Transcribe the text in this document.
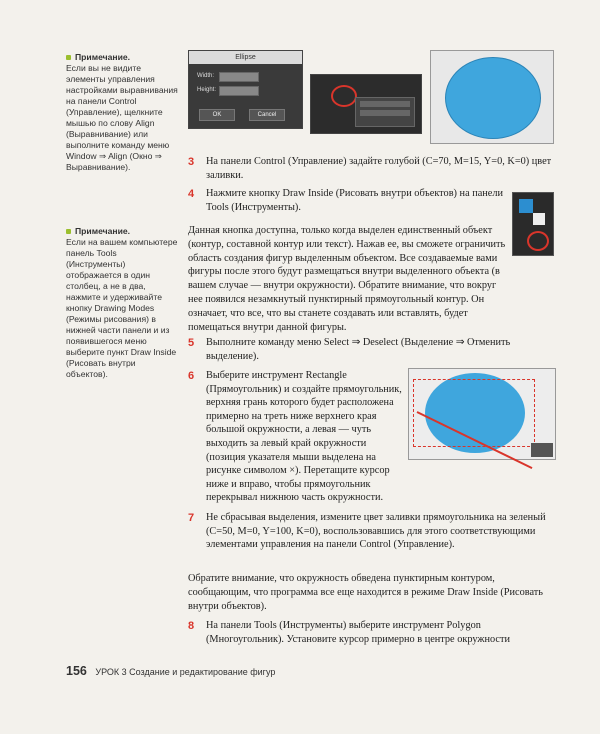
Примечание.

Если вы не видите элементы управления настройками выравнивания на панели Control (Управление), щелкните мышью по слову Align (Выравнивание) или выполните команду меню Window ⇒ Align (Окно ⇒ Выравнивание).

Примечание.

Если на вашем компьютере панель Tools (Инструменты) отображается в один столбец, а не в два, нажмите и удерживайте кнопку Drawing Modes (Режимы рисования) в нижней части панели и из появившегося меню выберите пункт Draw Inside (Рисовать внутри объектов).

Ellipse
Width:
Height:
OK	Cancel
3 На панели Control (Управление) задайте голубой (C=70, M=15, Y=0, K=0) цвет заливки.
4 Нажмите кнопку Draw Inside (Рисовать внутри объектов) на панели Tools (Инструменты).
Данная кнопка доступна, только когда выделен единственный объект (контур, составной контур или текст). Нажав ее, вы сможете ограничить область создания фигур выделенным объектом. Все создаваемые вами фигуры после этого будут размещаться внутри выделенного объекта (в вашем случае — внутри окружности). Обратите внимание, что вокруг нее появился незамкнутый пунктирный прямоугольный контур. Он означает, что все, что вы станете создавать или вставлять, будет помещаться внутри данной фигуры.
5 Выполните команду меню Select ⇒ Deselect (Выделение ⇒ Отменить выделение).
6 Выберите инструмент Rectangle (Прямоугольник) и создайте прямоугольник, верхняя грань которого будет расположена примерно на треть ниже верхнего края большой окружности, а левая — чуть выходить за левый край окружности (позиция указателя мыши выделена на рисунке символом ×). Перетащите курсор ниже и вправо, чтобы прямоугольник перекрывал нижнюю часть окружности.
7 Не сбрасывая выделения, измените цвет заливки прямоугольника на зеленый (C=50, M=0, Y=100, K=0), воспользовавшись для этого соответствующими элементами управления на панели Control (Управление).
Обратите внимание, что окружность обведена пунктирным контуром, сообщающим, что программа все еще находится в режиме Draw Inside (Рисовать внутри объектов).
8 На панели Tools (Инструменты) выберите инструмент Polygon (Многоугольник). Установите курсор примерно в центре окружности
156 УРОК 3 Создание и редактирование фигур
